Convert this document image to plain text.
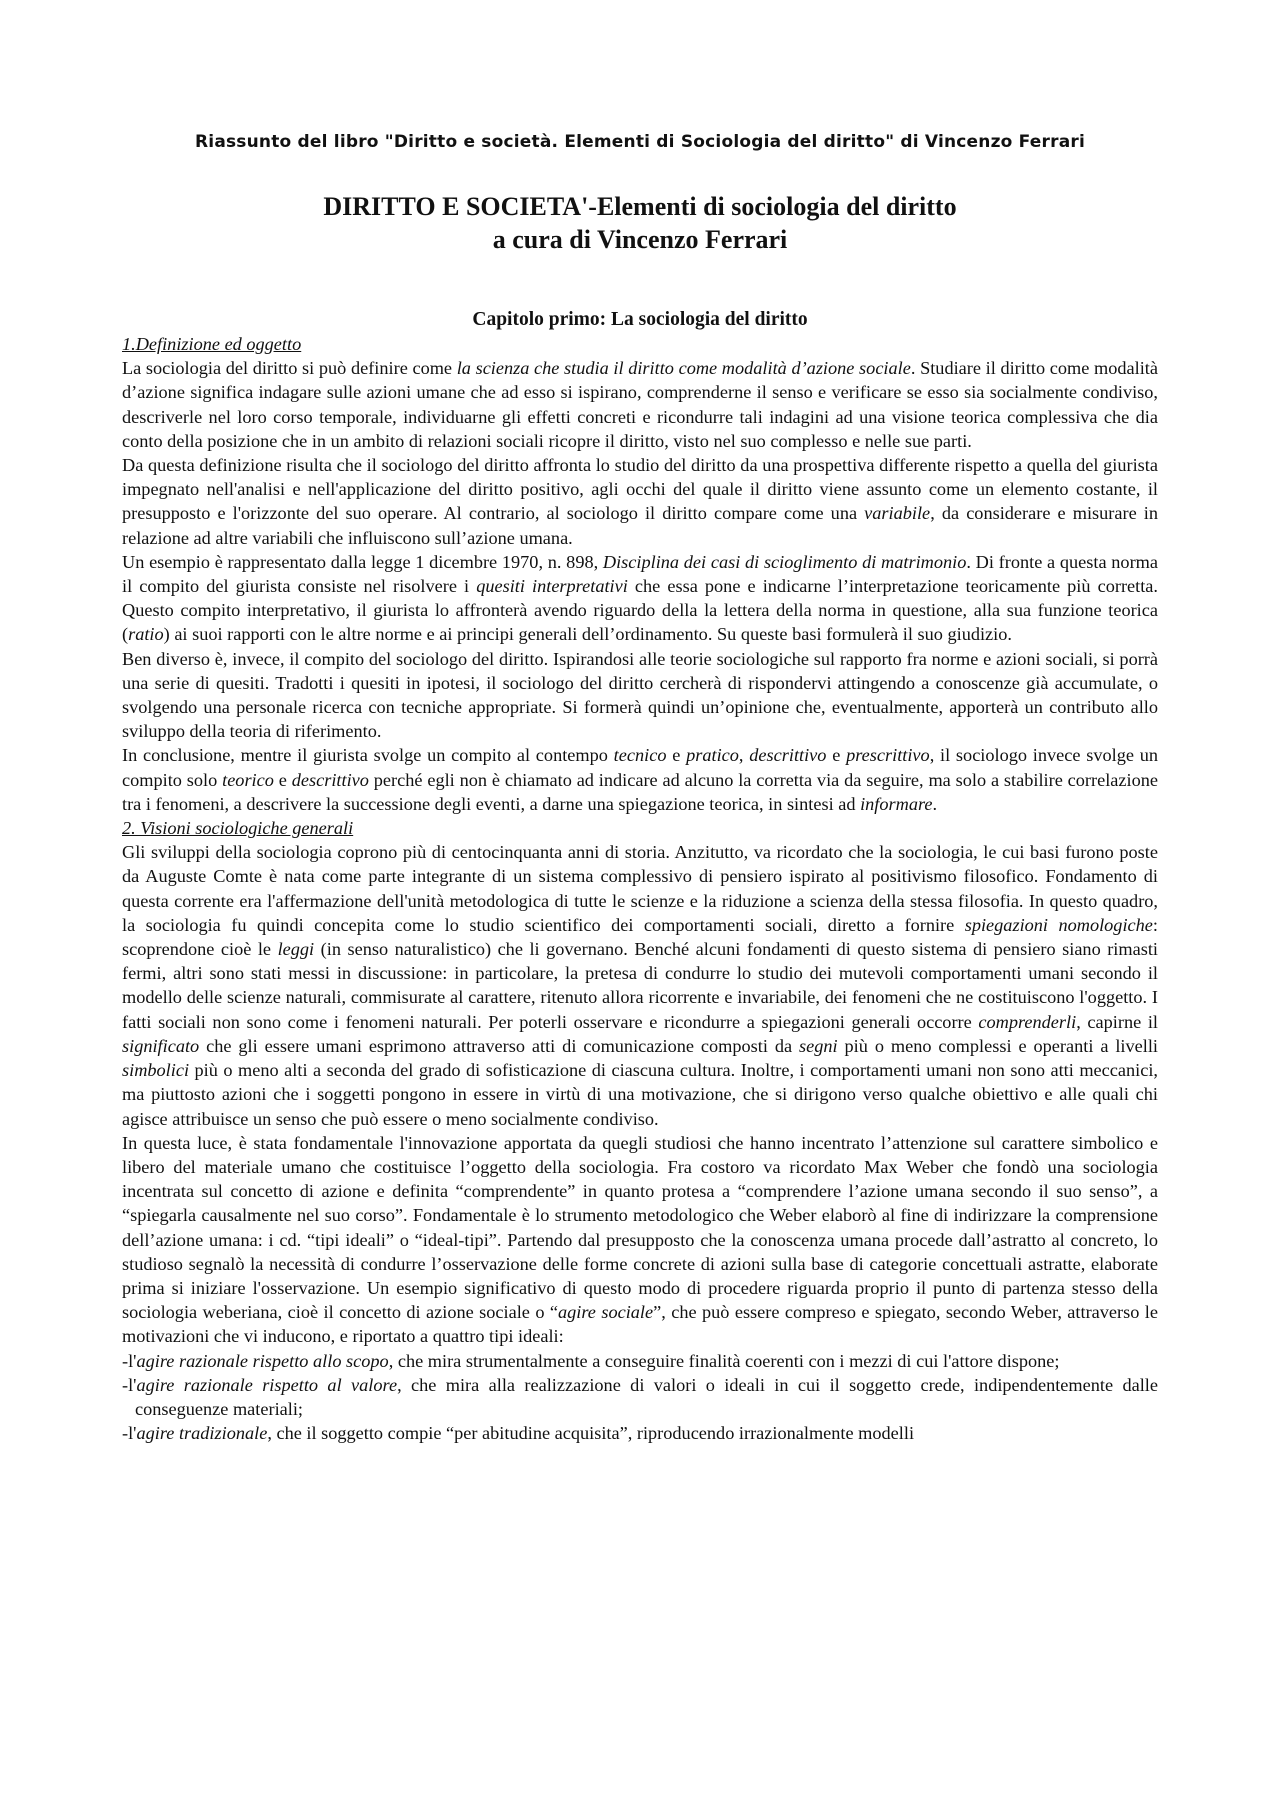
Riassunto del libro "Diritto e società. Elementi di Sociologia del diritto" di Vincenzo Ferrari
DIRITTO E SOCIETA'-Elementi di sociologia del diritto
a cura di Vincenzo Ferrari
Capitolo primo: La sociologia del diritto

1.Definizione ed oggetto

La sociologia del diritto si può definire come la scienza che studia il diritto come modalità d’azione sociale. Studiare il diritto come modalità d’azione significa indagare sulle azioni umane che ad esso si ispirano, comprenderne il senso e verificare se esso sia socialmente condiviso, descriverle nel loro corso temporale, individuarne gli effetti concreti e ricondurre tali indagini ad una visione teorica complessiva che dia conto della posizione che in un ambito di relazioni sociali ricopre il diritto, visto nel suo complesso e nelle sue parti.

Da questa definizione risulta che il sociologo del diritto affronta lo studio del diritto da una prospettiva differente rispetto a quella del giurista impegnato nell'analisi e nell'applicazione del diritto positivo, agli occhi del quale il diritto viene assunto come un elemento costante, il presupposto e l'orizzonte del suo operare. Al contrario, al sociologo il diritto compare come una variabile, da considerare e misurare in relazione ad altre variabili che influiscono sull’azione umana.

Un esempio è rappresentato dalla legge 1 dicembre 1970, n. 898, Disciplina dei casi di scioglimento di matrimonio. Di fronte a questa norma il compito del giurista consiste nel risolvere i quesiti interpretativi che essa pone e indicarne l’interpretazione teoricamente più corretta. Questo compito interpretativo, il giurista lo affronterà avendo riguardo della la lettera della norma in questione, alla sua funzione teorica (ratio) ai suoi rapporti con le altre norme e ai principi generali dell’ordinamento. Su queste basi formulerà il suo giudizio.

Ben diverso è, invece, il compito del sociologo del diritto. Ispirandosi alle teorie sociologiche sul rapporto fra norme e azioni sociali, si porrà una serie di quesiti. Tradotti i quesiti in ipotesi, il sociologo del diritto cercherà di rispondervi attingendo a conoscenze già accumulate, o svolgendo una personale ricerca con tecniche appropriate. Si formerà quindi un’opinione che, eventualmente, apporterà un contributo allo sviluppo della teoria di riferimento.

In conclusione, mentre il giurista svolge un compito al contempo tecnico e pratico, descrittivo e prescrittivo, il sociologo invece svolge un compito solo teorico e descrittivo perché egli non è chiamato ad indicare ad alcuno la corretta via da seguire, ma solo a stabilire correlazione tra i fenomeni, a descrivere la successione degli eventi, a darne una spiegazione teorica, in sintesi ad informare.

2. Visioni sociologiche generali

Gli sviluppi della sociologia coprono più di centocinquanta anni di storia. Anzitutto, va ricordato che la sociologia, le cui basi furono poste da Auguste Comte è nata come parte integrante di un sistema complessivo di pensiero ispirato al positivismo filosofico. Fondamento di questa corrente era l'affermazione dell'unità metodologica di tutte le scienze e la riduzione a scienza della stessa filosofia. In questo quadro, la sociologia fu quindi concepita come lo studio scientifico dei comportamenti sociali, diretto a fornire spiegazioni nomologiche: scoprendone cioè le leggi (in senso naturalistico) che li governano. Benché alcuni fondamenti di questo sistema di pensiero siano rimasti fermi, altri sono stati messi in discussione: in particolare, la pretesa di condurre lo studio dei mutevoli comportamenti umani secondo il modello delle scienze naturali, commisurate al carattere, ritenuto allora ricorrente e invariabile, dei fenomeni che ne costituiscono l'oggetto. I fatti sociali non sono come i fenomeni naturali. Per poterli osservare e ricondurre a spiegazioni generali occorre comprenderli, capirne il significato che gli essere umani esprimono attraverso atti di comunicazione composti da segni più o meno complessi e operanti a livelli simbolici più o meno alti a seconda del grado di sofisticazione di ciascuna cultura. Inoltre, i comportamenti umani non sono atti meccanici, ma piuttosto azioni che i soggetti pongono in essere in virtù di una motivazione, che si dirigono verso qualche obiettivo e alle quali chi agisce attribuisce un senso che può essere o meno socialmente condiviso.

In questa luce, è stata fondamentale l'innovazione apportata da quegli studiosi che hanno incentrato l’attenzione sul carattere simbolico e libero del materiale umano che costituisce l’oggetto della sociologia. Fra costoro va ricordato Max Weber che fondò una sociologia incentrata sul concetto di azione e definita “comprendente” in quanto protesa a “comprendere l’azione umana secondo il suo senso”, a “spiegarla causalmente nel suo corso”. Fondamentale è lo strumento metodologico che Weber elaborò al fine di indirizzare la comprensione dell’azione umana: i cd. “tipi ideali” o “ideal-tipi”. Partendo dal presupposto che la conoscenza umana procede dall’astratto al concreto, lo studioso segnalò la necessità di condurre l’osservazione delle forme concrete di azioni sulla base di categorie concettuali astratte, elaborate prima si iniziare l'osservazione. Un esempio significativo di questo modo di procedere riguarda proprio il punto di partenza stesso della sociologia weberiana, cioè il concetto di azione sociale o “agire sociale”, che può essere compreso e spiegato, secondo Weber, attraverso le motivazioni che vi inducono, e riportato a quattro tipi ideali:

-l'agire razionale rispetto allo scopo, che mira strumentalmente a conseguire finalità coerenti con i mezzi di cui l'attore dispone;

-l'agire razionale rispetto al valore, che mira alla realizzazione di valori o ideali in cui il soggetto crede, indipendentemente dalle conseguenze materiali;

-l'agire tradizionale, che il soggetto compie “per abitudine acquisita”, riproducendo irrazionalmente modelli
